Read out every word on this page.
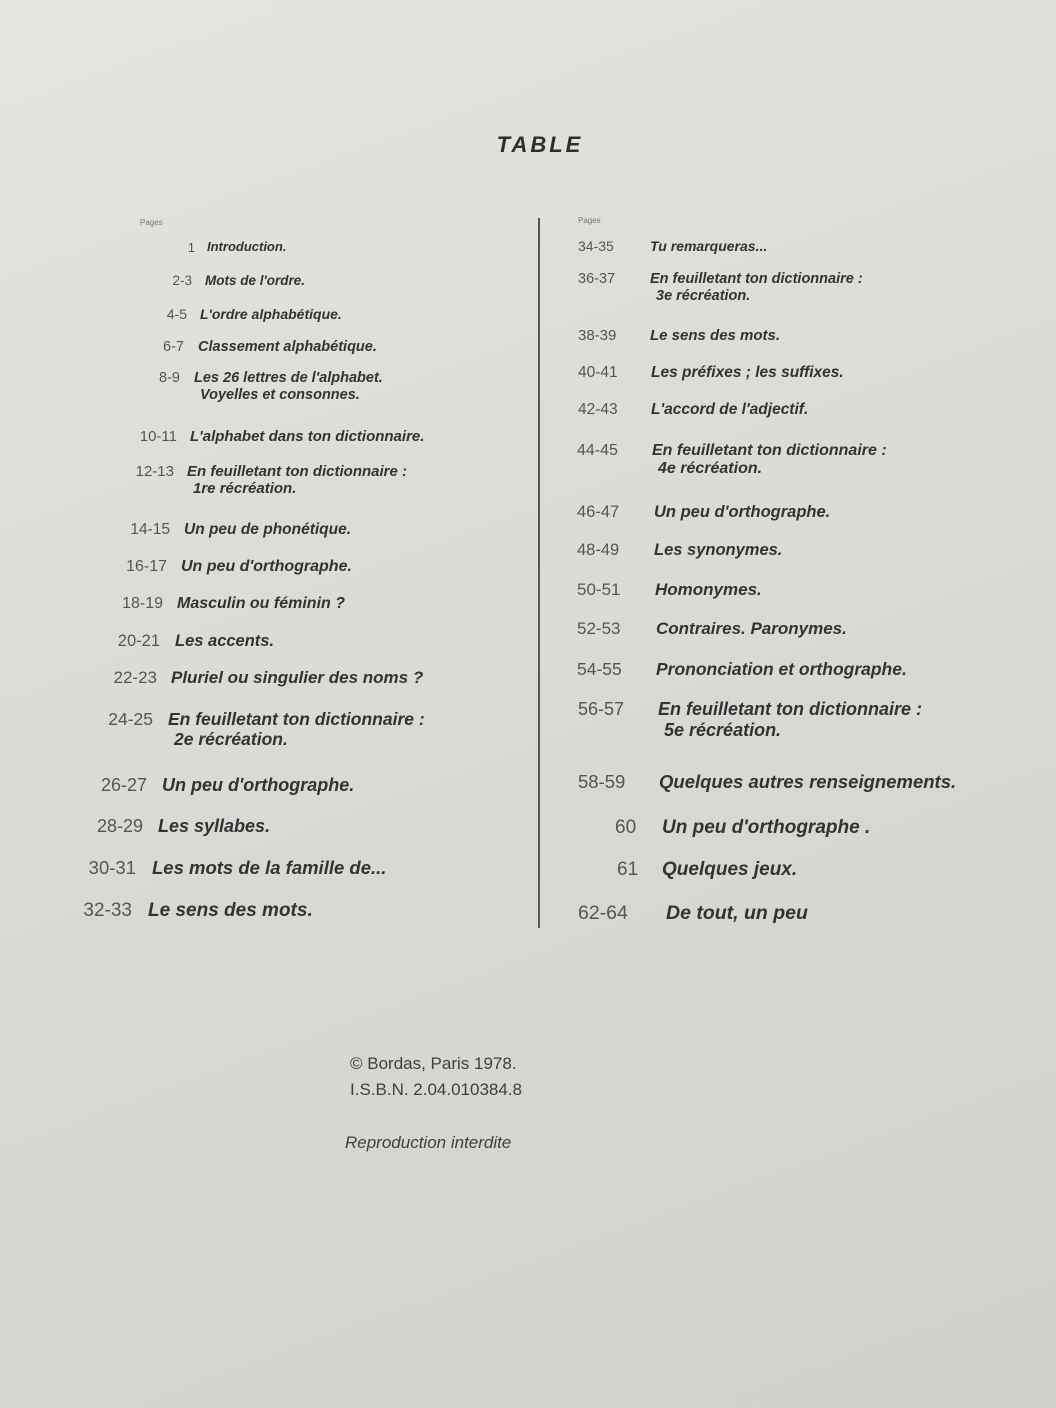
TABLE
Pages	Pages
1 Introduction.
2-3 Mots de l'ordre.
4-5 L'ordre alphabétique.
6-7 Classement alphabétique.
8-9 Les 26 lettres de l'alphabet.
Voyelles et consonnes.
10-11 L'alphabet dans ton dictionnaire.
12-13 En feuilletant ton dictionnaire :
1re récréation.
14-15 Un peu de phonétique.
16-17 Un peu d'orthographe.
18-19 Masculin ou féminin ?
20-21 Les accents.
22-23 Pluriel ou singulier des noms ?
24-25 En feuilletant ton dictionnaire :
2e récréation.
26-27 Un peu d'orthographe.
28-29 Les syllabes.
30-31 Les mots de la famille de...
32-33 Le sens des mots.
34-35	Tu remarqueras...
36-37	En feuilletant ton dictionnaire :
3e récréation.
38-39	Le sens des mots.
40-41	Les préfixes ; les suffixes.
42-43	L'accord de l'adjectif.
44-45	En feuilletant ton dictionnaire :
4e récréation.
46-47	Un peu d'orthographe.
48-49	Les synonymes.
50-51	Homonymes.
52-53	Contraires. Paronymes.
54-55	Prononciation et orthographe.
56-57	En feuilletant ton dictionnaire :
5e récréation.
58-59	Quelques autres renseignements.
60	Un peu d'orthographe .
61	Quelques jeux.
62-64	De tout, un peu
© Bordas, Paris 1978.
I.S.B.N. 2.04.010384.8
Reproduction interdite
